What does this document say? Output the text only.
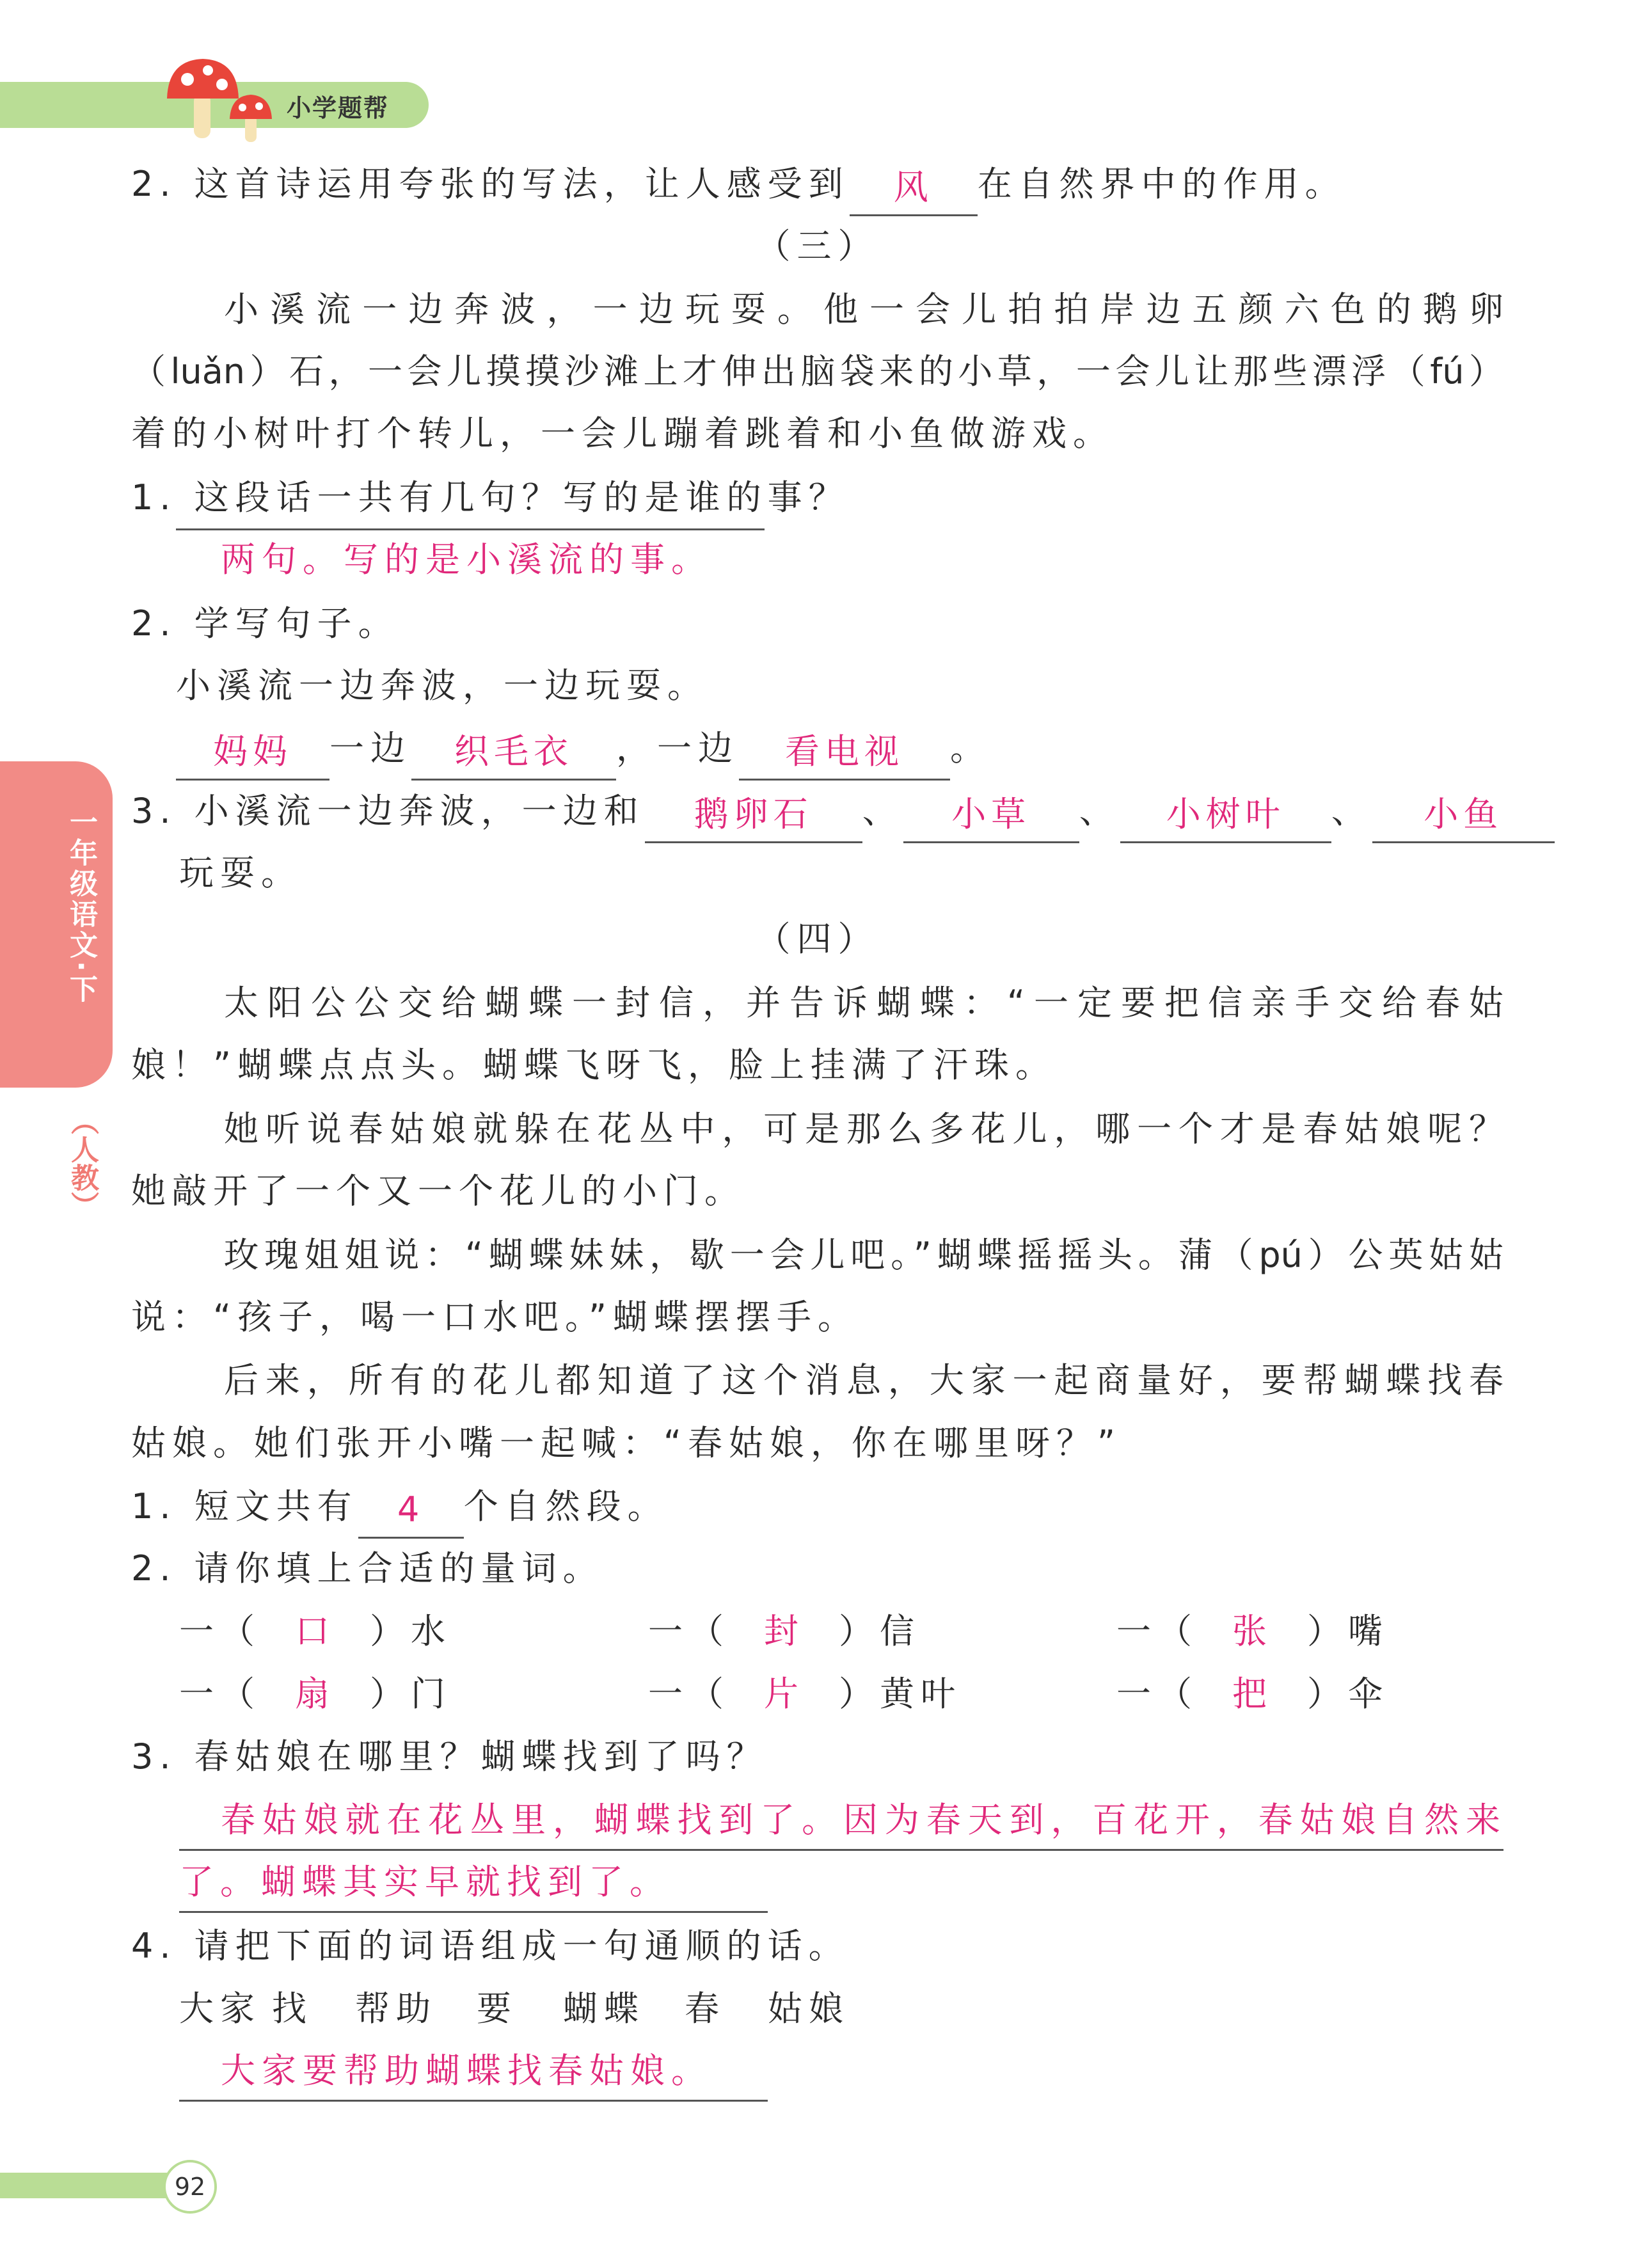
小学题帮
一年级语文·下
（人教）
2. 这首诗运用夸张的写法，让人感受到 风 在自然界中的作用。
（三）
小溪流一边奔波，一边玩耍。他一会儿拍拍岸边五颜六色的鹅卵
（luǎn）石，一会儿摸摸沙滩上才伸出脑袋来的小草，一会儿让那些漂浮（fú）
着的小树叶打个转儿，一会儿蹦着跳着和小鱼做游戏。
1. 这段话一共有几句？写的是谁的事？
两句。写的是小溪流的事。
2. 学写句子。
小溪流一边奔波，一边玩耍。
妈妈 一边 织毛衣 ，一边 看电视 。
3. 小溪流一边奔波，一边和 鹅卵石 、 小草 、 小树叶 、 小鱼
玩耍。
（四）
太阳公公交给蝴蝶一封信，并告诉蝴蝶：“一定要把信亲手交给春姑
娘！”蝴蝶点点头。蝴蝶飞呀飞，脸上挂满了汗珠。
她听说春姑娘就躲在花丛中，可是那么多花儿，哪一个才是春姑娘呢？
她敲开了一个又一个花儿的小门。
玫瑰姐姐说：“蝴蝶妹妹，歇一会儿吧。”蝴蝶摇摇头。蒲（pú）公英姑姑
说：“孩子，喝一口水吧。”蝴蝶摆摆手。
后来，所有的花儿都知道了这个消息，大家一起商量好，要帮蝴蝶找春
姑娘。她们张开小嘴一起喊：“春姑娘，你在哪里呀？”
1. 短文共有 4 个自然段。
2. 请你填上合适的量词。
一（ 口 ）水	一（ 封 ）信	一（ 张 ）嘴
一（ 扇 ）门	一（ 片 ）黄叶	一（ 把 ）伞
3. 春姑娘在哪里？蝴蝶找到了吗？
春姑娘就在花丛里，蝴蝶找到了。因为春天到，百花开，春姑娘自然来
了。蝴蝶其实早就找到了。
4. 请把下面的词语组成一句通顺的话。
大家 找 帮助 要 蝴蝶 春 姑娘
大家要帮助蝴蝶找春姑娘。
92
